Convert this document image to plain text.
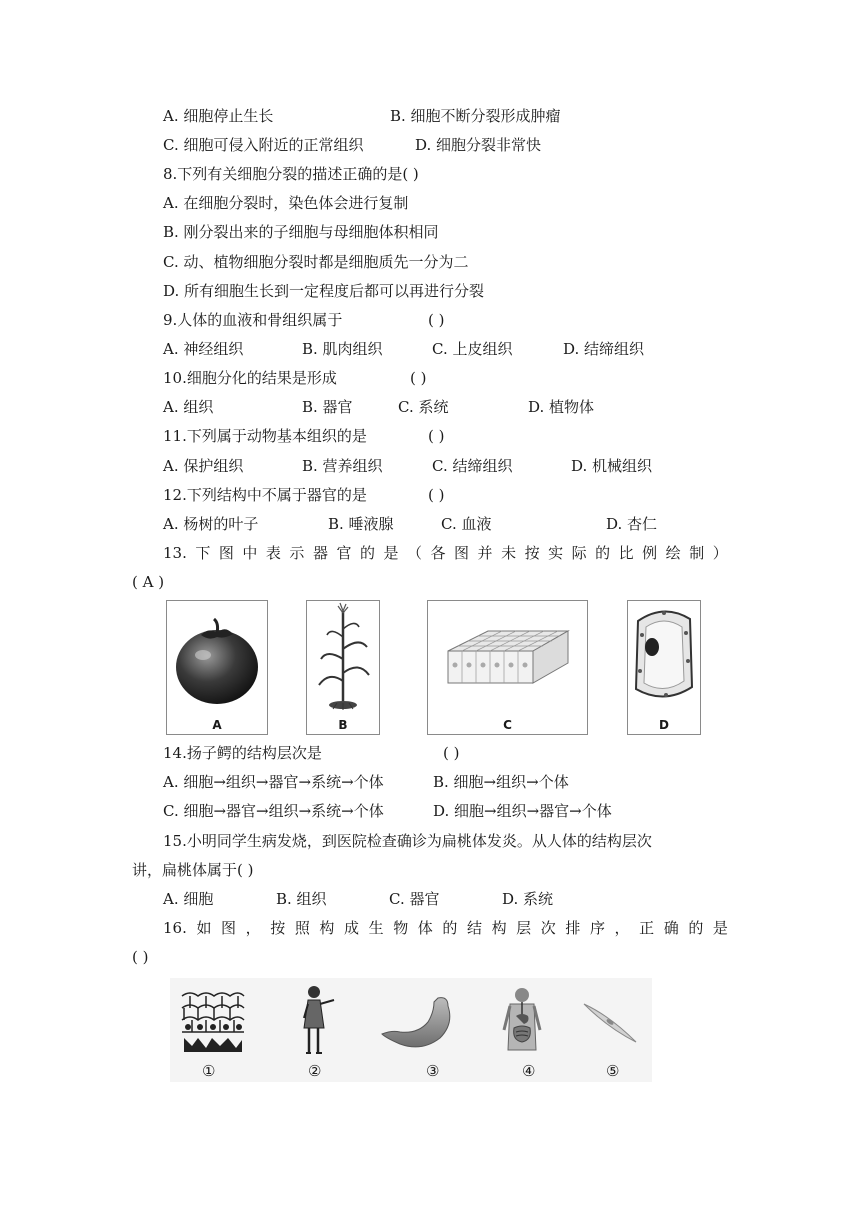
A. 细胞停止生长	B. 细胞不断分裂形成肿瘤
C. 细胞可侵入附近的正常组织	D. 细胞分裂非常快
8.下列有关细胞分裂的描述正确的是( )
A. 在细胞分裂时，染色体会进行复制
B. 刚分裂出来的子细胞与母细胞体积相同
C. 动、植物细胞分裂时都是细胞质先一分为二
D. 所有细胞生长到一定程度后都可以再进行分裂
9.人体的血液和骨组织属于	( )
A. 神经组织	B. 肌肉组织	C. 上皮组织	D. 结缔组织
10.细胞分化的结果是形成	( )
A. 组织	B. 器官	C. 系统	D. 植物体
11.下列属于动物基本组织的是	( )
A. 保护组织	B. 营养组织	C. 结缔组织	D. 机械组织
12.下列结构中不属于器官的是	( )
A. 杨树的叶子	B. 唾液腺	C. 血液	D. 杏仁
13. 下 图 中 表 示 器 官 的 是 （ 各 图 并 未 按 实 际 的 比 例 绘 制 ）
( A )
A	B	C	D
14.扬子鳄的结构层次是	( )
A. 细胞→组织→器官→系统→个体	B. 细胞→组织→个体
C. 细胞→器官→组织→系统→个体	D. 细胞→组织→器官→个体
15.小明同学生病发烧，到医院检查确诊为扁桃体发炎。从人体的结构层次
讲，扁桃体属于( )
A. 细胞	B. 组织	C. 器官	D. 系统
16. 如 图 ， 按 照 构 成 生 物 体 的 结 构 层 次 排 序 ， 正 确 的 是
( )
①	②	③	④	⑤
